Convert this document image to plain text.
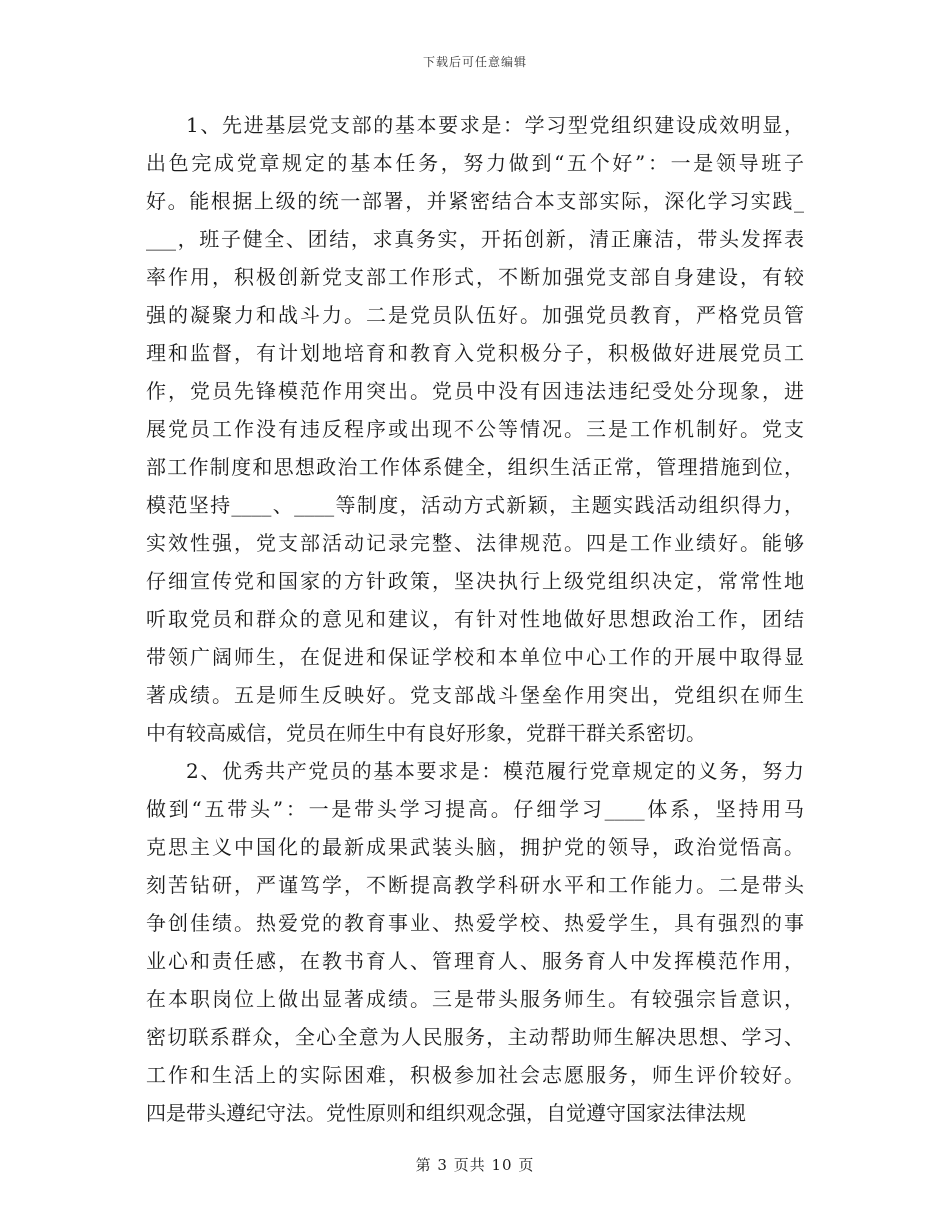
下载后可任意编辑
1、先进基层党支部的基本要求是：学习型党组织建设成效明显，
出色完成党章规定的基本任务，努力做到“五个好”：一是领导班子
好。能根据上级的统一部署，并紧密结合本支部实际，深化学习实践_
___，班子健全、团结，求真务实，开拓创新，清正廉洁，带头发挥表
率作用，积极创新党支部工作形式，不断加强党支部自身建设，有较
强的凝聚力和战斗力。二是党员队伍好。加强党员教育，严格党员管
理和监督，有计划地培育和教育入党积极分子，积极做好进展党员工
作，党员先锋模范作用突出。党员中没有因违法违纪受处分现象，进
展党员工作没有违反程序或出现不公等情况。三是工作机制好。党支
部工作制度和思想政治工作体系健全，组织生活正常，管理措施到位，
模范坚持____、____等制度，活动方式新颖，主题实践活动组织得力，
实效性强，党支部活动记录完整、法律规范。四是工作业绩好。能够
仔细宣传党和国家的方针政策，坚决执行上级党组织决定，常常性地
听取党员和群众的意见和建议，有针对性地做好思想政治工作，团结
带领广阔师生，在促进和保证学校和本单位中心工作的开展中取得显
著成绩。五是师生反映好。党支部战斗堡垒作用突出，党组织在师生
中有较高威信，党员在师生中有良好形象，党群干群关系密切。
2、优秀共产党员的基本要求是：模范履行党章规定的义务，努力
做到“五带头”：一是带头学习提高。仔细学习____体系，坚持用马
克思主义中国化的最新成果武装头脑，拥护党的领导，政治觉悟高。
刻苦钻研，严谨笃学，不断提高教学科研水平和工作能力。二是带头
争创佳绩。热爱党的教育事业、热爱学校、热爱学生，具有强烈的事
业心和责任感，在教书育人、管理育人、服务育人中发挥模范作用，
在本职岗位上做出显著成绩。三是带头服务师生。有较强宗旨意识，
密切联系群众，全心全意为人民服务，主动帮助师生解决思想、学习、
工作和生活上的实际困难，积极参加社会志愿服务，师生评价较好。
四是带头遵纪守法。党性原则和组织观念强，自觉遵守国家法律法规
第 3 页共 10 页
